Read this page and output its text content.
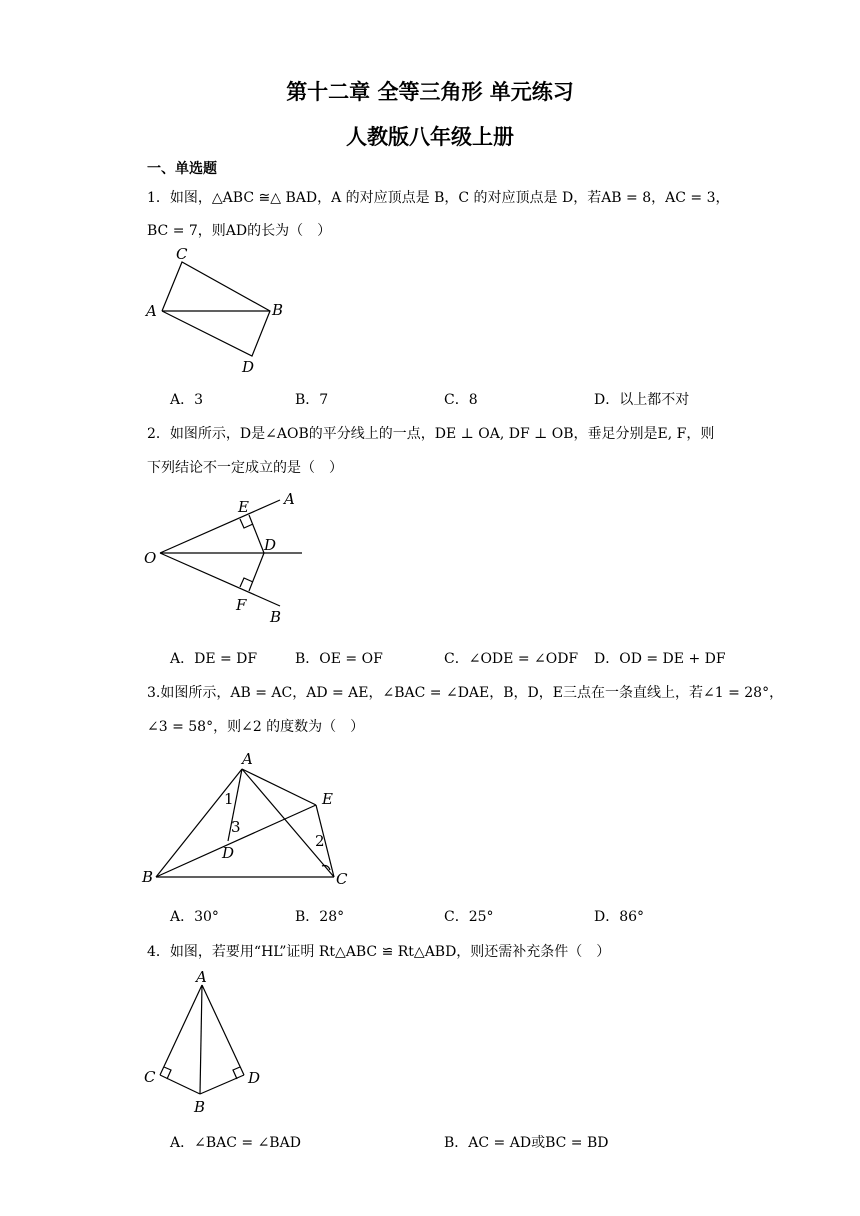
第十二章 全等三角形 单元练习
人教版八年级上册
一、单选题
1．如图，△ABC ≅△ BAD，A 的对应顶点是 B，C 的对应顶点是 D，若AB = 8，AC = 3，
BC = 7，则AD的长为（　）
C
A	B
D
A．3	B．7	C．8	D．以上都不对
2．如图所示，D是∠AOB的平分线上的一点，DE ⊥ OA, DF ⊥ OB，垂足分别是E, F，则
下列结论不一定成立的是（　）
E A
O
D
F
B
A．DE = DF	B．OE = OF	C．∠ODE = ∠ODF D．OD = DE + DF
3.如图所示，AB = AC，AD = AE，∠BAC = ∠DAE，B，D，E三点在一条直线上，若∠1 = 28°，
∠3 = 58°，则∠2 的度数为（　）
A
E
1
3
D
2
B	C
A．30°	B．28°	C．25°	D．86°
4．如图，若要用“HL”证明 Rt△ABC ≌ Rt△ABD，则还需补充条件（　）
A
C	D
B
A．∠BAC = ∠BAD	B．AC = AD或BC = BD
